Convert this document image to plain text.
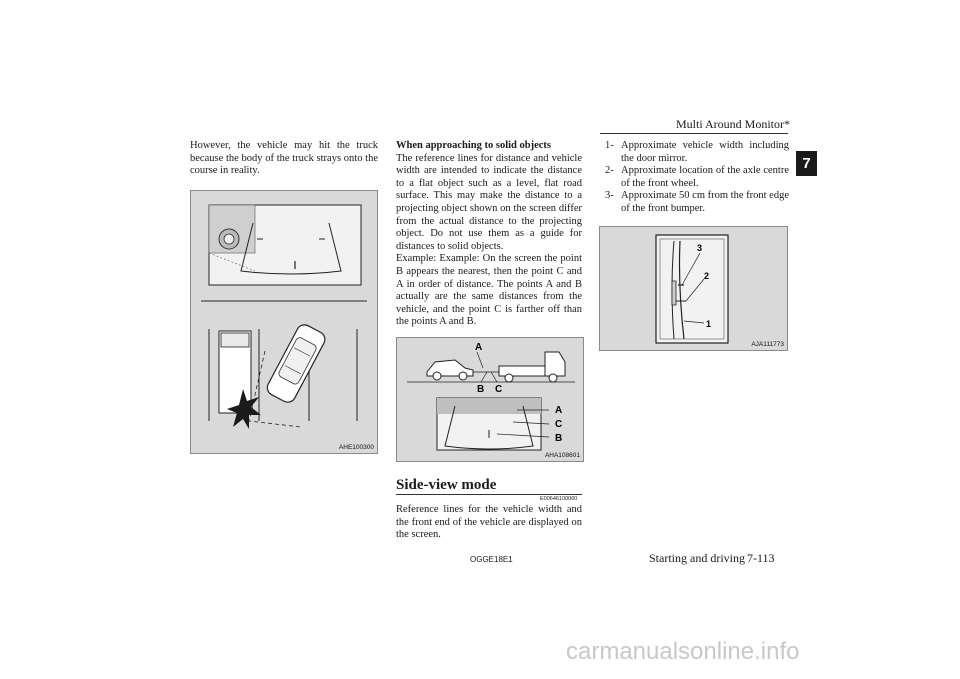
Multi Around Monitor*
7

However, the vehicle may hit the truck because the body of the truck strays onto the course in reality.

AHE100300

When approaching to solid objects

The reference lines for distance and vehicle width are intended to indicate the distance to a flat object such as a level, flat road surface. This may make the distance to a projecting object shown on the screen differ from the actual distance to the projecting object. Do not use them as a guide for distances to solid objects.

Example: Example: On the screen the point B appears the nearest, then the point C and A in order of distance. The points A and B actually are the same distances from the vehicle, and the point C is farther off than the points A and B.

A
B C
A
C
B
AHA108601
Side-view mode
E00646100060
Reference lines for the vehicle width and the front end of the vehicle are displayed on the screen.
1- Approximate vehicle width including the door mirror.
2- Approximate location of the axle centre of the front wheel.
3- Approximate 50 cm from the front edge of the front bumper.
3
2
1
AJA111773
OGGE18E1	Starting and driving 7-113
carmanualsonline.info
